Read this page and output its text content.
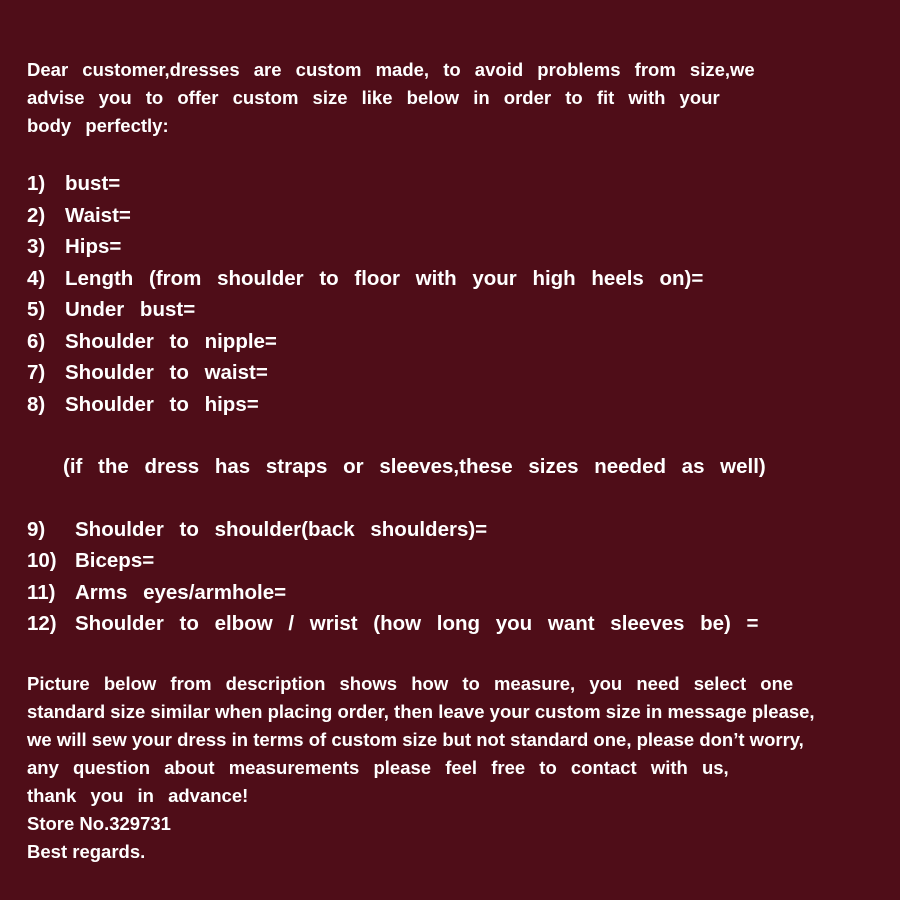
Dear customer,dresses are custom made, to avoid problems from size,we

advise you to offer custom size like below in order to fit with your

body perfectly:

1) bust=
2) Waist=
3) Hips=
4) Length (from shoulder to floor with your high heels on)=
5) Under bust=
6) Shoulder to nipple=
7) Shoulder to waist=
8) Shoulder to hips=
(if the dress has straps or sleeves,these sizes needed as well)
9) Shoulder to shoulder(back shoulders)=
10) Biceps=
11) Arms eyes/armhole=
12) Shoulder to elbow / wrist (how long you want sleeves be) =

Picture below from description shows how to measure, you need select one

standard size similar when placing order, then leave your custom size in message please,

we will sew your dress in terms of custom size but not standard one, please don’t worry,

any question about measurements please feel free to contact with us,

thank you in advance!

Store No.329731

Best regards.
